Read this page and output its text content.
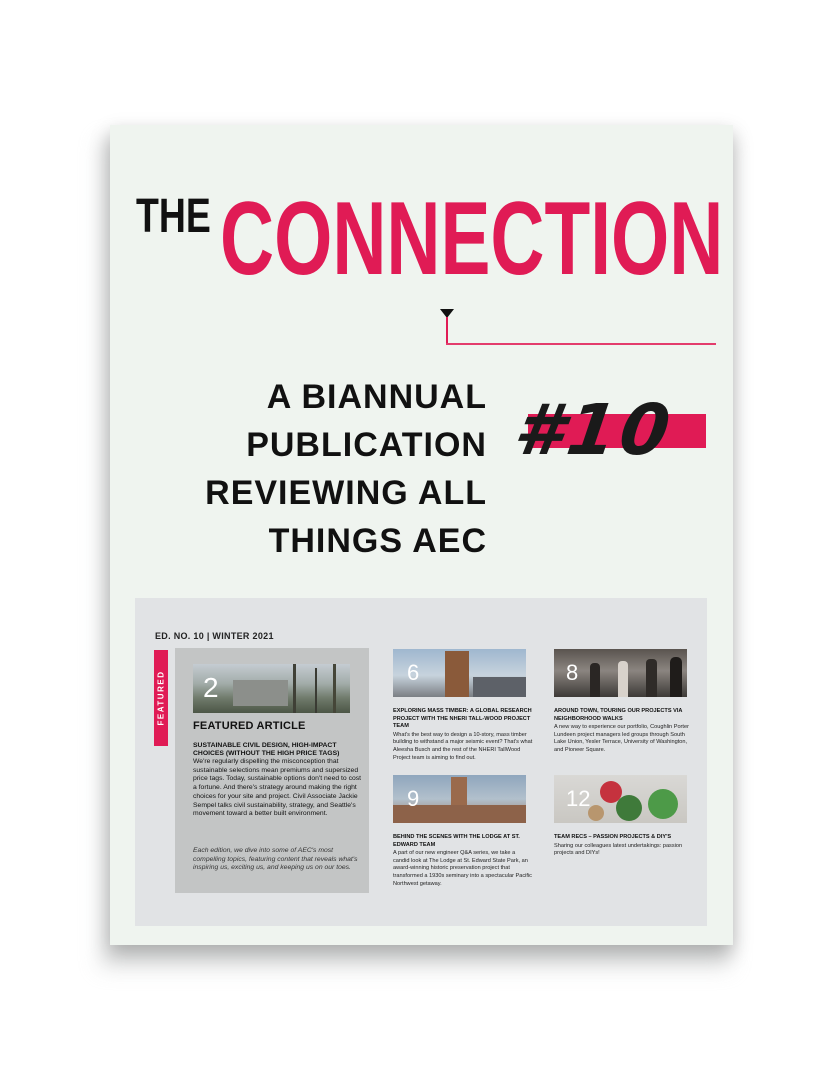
THE CONNECTION
A BIANNUAL
PUBLICATION
REVIEWING ALL
THINGS AEC
#10
ED. NO. 10 | WINTER 2021
FEATURED 2
FEATURED ARTICLE
SUSTAINABLE CIVIL DESIGN, HIGH-IMPACT CHOICES (WITHOUT THE HIGH PRICE TAGS)
We're regularly dispelling the misconception that sustainable selections mean premiums and supersized price tags. Today, sustainable options don't need to cost a fortune. And there's strategy around making the right choices for your site and project. Civil Associate Jackie Sempel talks civil sustainability, strategy, and Seattle's movement toward a better built environment.
Each edition, we dive into some of AEC's most compelling topics, featuring content that reveals what's inspiring us, exciting us, and keeping us on our toes.
6
EXPLORING MASS TIMBER: A GLOBAL RESEARCH PROJECT WITH THE NHERI TALL-WOOD PROJECT TEAM
What's the best way to design a 10-story, mass timber building to withstand a major seismic event? That's what Aleesha Busch and the rest of the NHERI TallWood Project team is aiming to find out.
8
AROUND TOWN, TOURING OUR PROJECTS VIA NEIGHBORHOOD WALKS
A new way to experience our portfolio, Coughlin Porter Lundeen project managers led groups through South Lake Union, Yesler Terrace, University of Washington, and Pioneer Square.
9
BEHIND THE SCENES WITH THE LODGE AT ST. EDWARD TEAM
A part of our new engineer Q&A series, we take a candid look at The Lodge at St. Edward State Park, an award-winning historic preservation project that transformed a 1930s seminary into a spectacular Pacific Northwest getaway.
12
TEAM RECS – PASSION PROJECTS & DIY'S
Sharing our colleagues latest undertakings: passion projects and DIYs!
